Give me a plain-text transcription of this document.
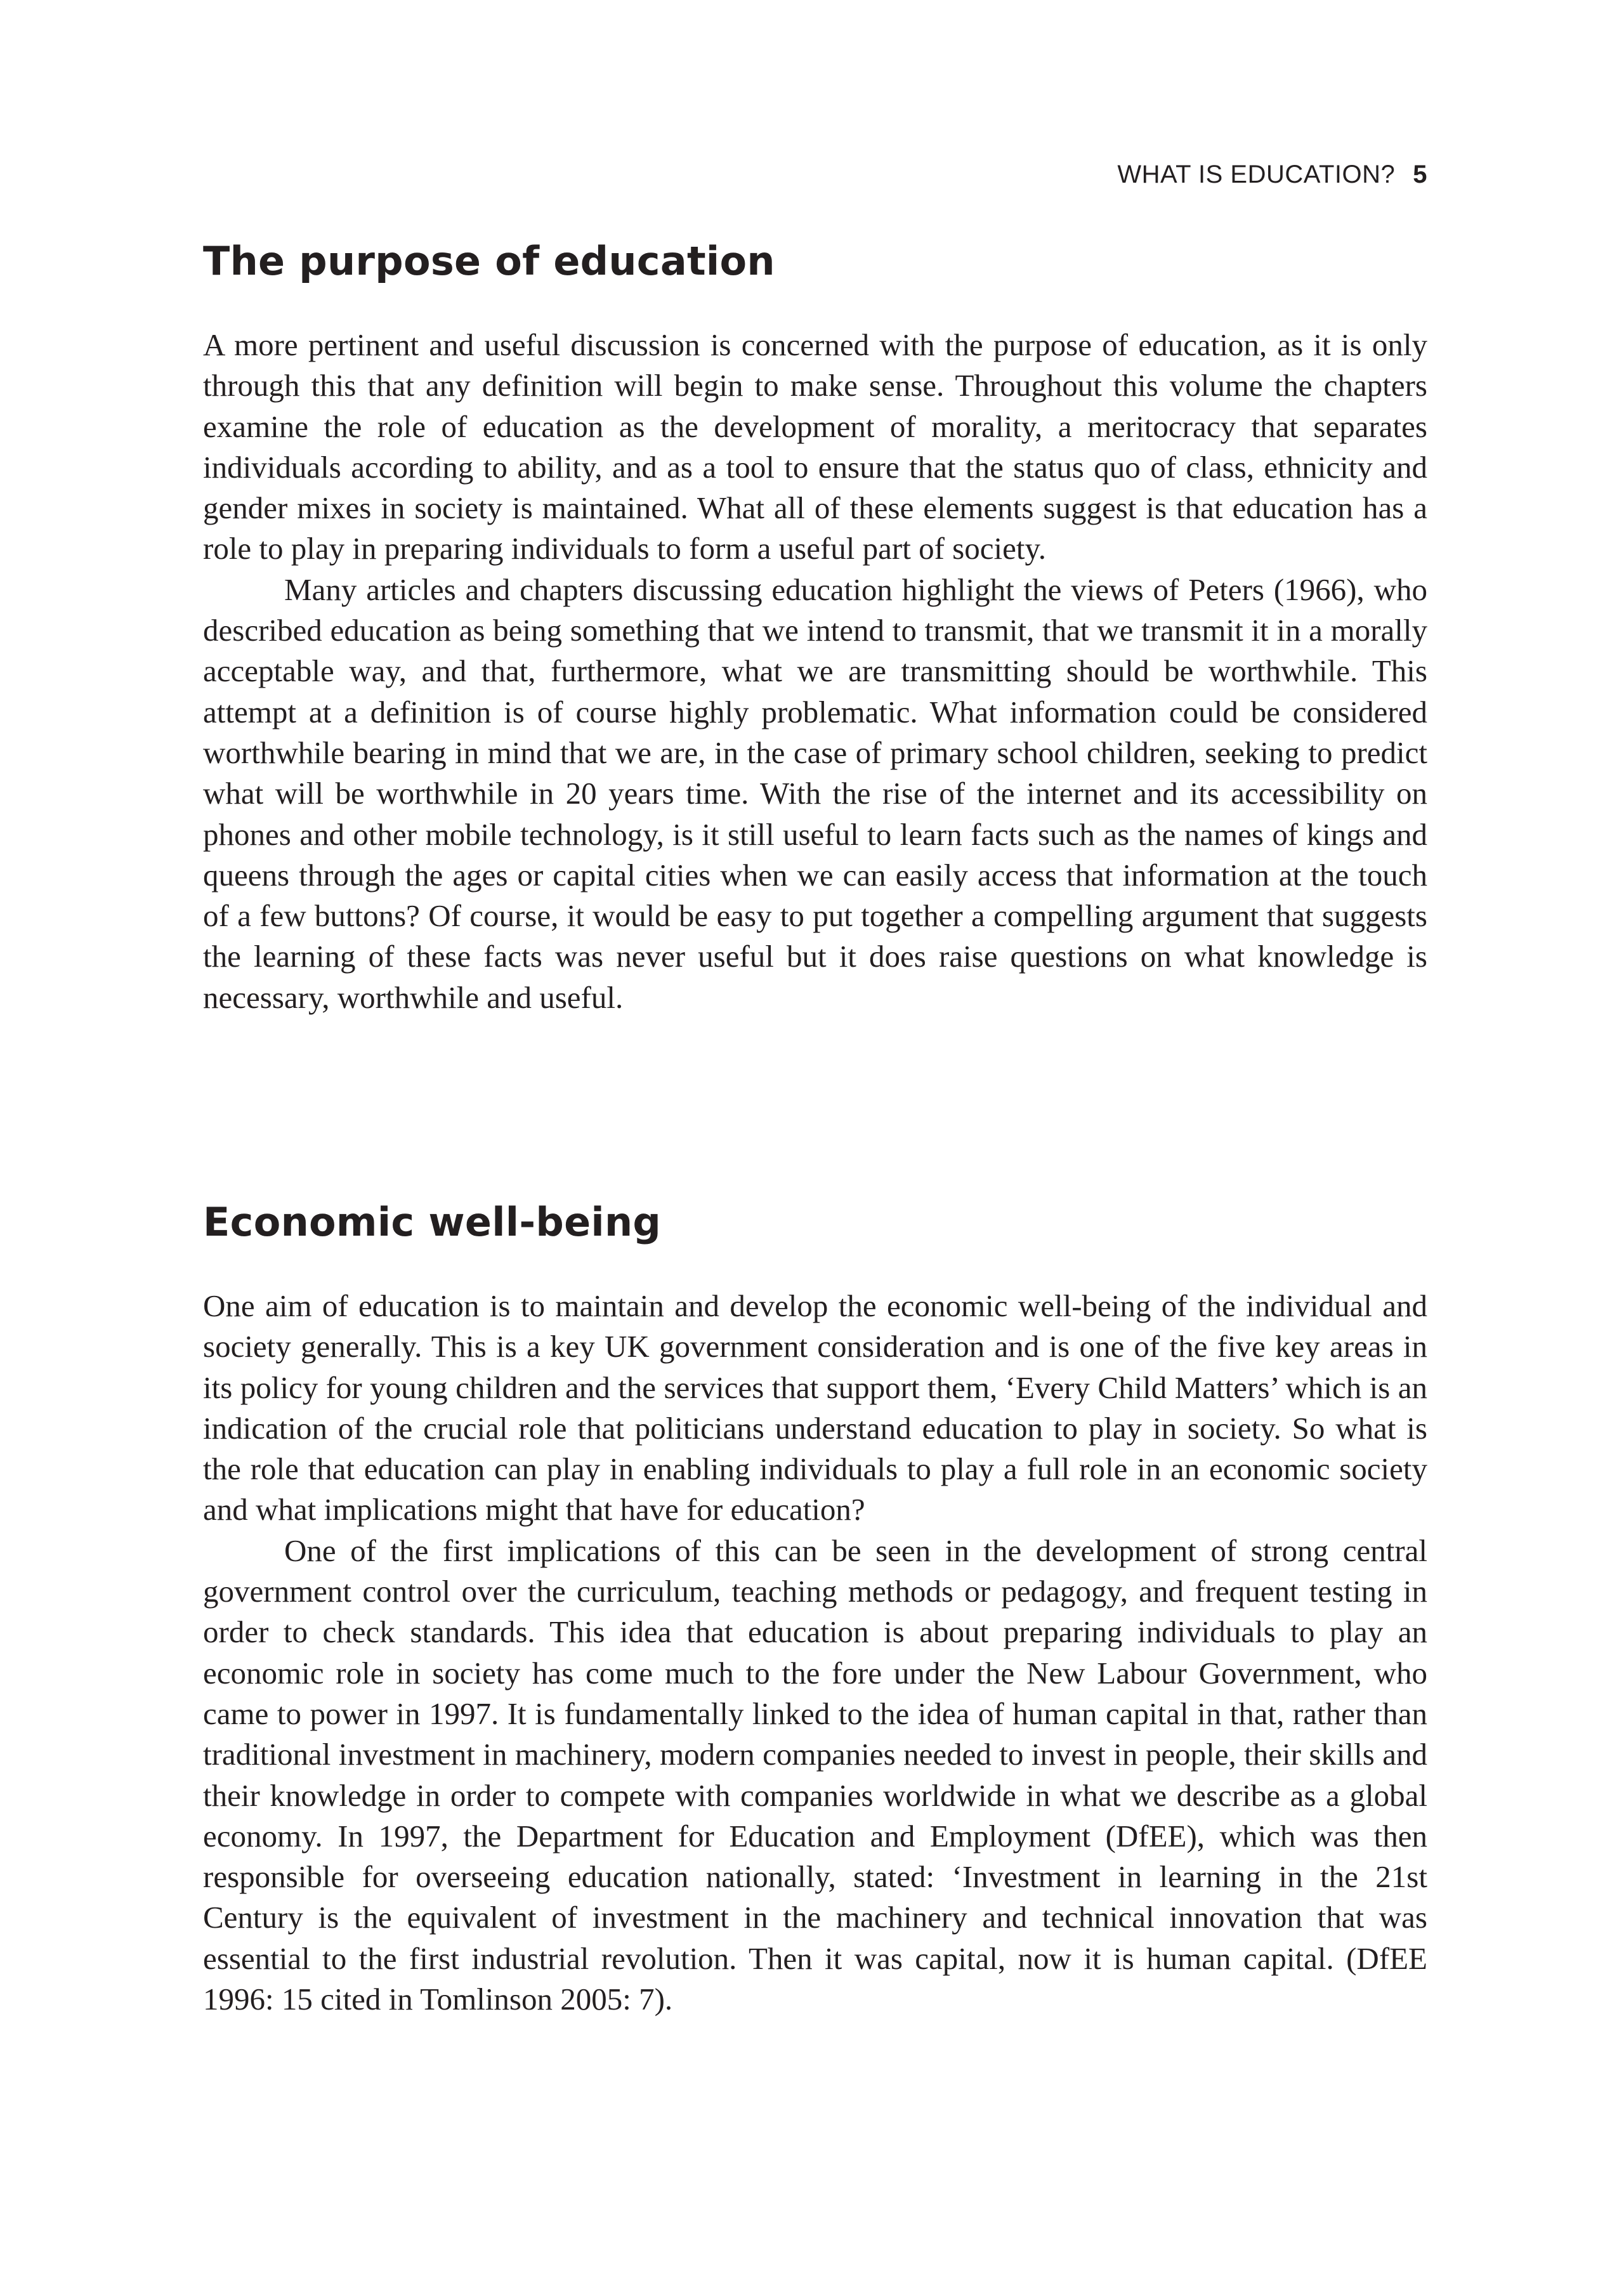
WHAT IS EDUCATION? 5
The purpose of education

A more pertinent and useful discussion is concerned with the purpose of education, as it is only through this that any definition will begin to make sense. Throughout this volume the chapters examine the role of education as the development of morality, a meritocracy that separates individuals according to ability, and as a tool to ensure that the status quo of class, ethnicity and gender mixes in society is maintained. What all of these elements suggest is that education has a role to play in preparing individuals to form a useful part of society.

Many articles and chapters discussing education highlight the views of Peters (1966), who described education as being something that we intend to transmit, that we transmit it in a morally acceptable way, and that, furthermore, what we are transmitting should be worthwhile. This attempt at a definition is of course highly problematic. What information could be considered worthwhile bearing in mind that we are, in the case of primary school children, seeking to predict what will be worthwhile in 20 years time. With the rise of the internet and its accessibility on phones and other mobile technology, is it still useful to learn facts such as the names of kings and queens through the ages or capital cities when we can easily access that information at the touch of a few buttons? Of course, it would be easy to put together a compelling argument that suggests the learning of these facts was never useful but it does raise questions on what knowledge is necessary, worthwhile and useful.

Economic well-being

One aim of education is to maintain and develop the economic well-being of the individual and society generally. This is a key UK government consideration and is one of the five key areas in its policy for young children and the services that support them, ‘Every Child Matters’ which is an indication of the crucial role that politicians understand education to play in society. So what is the role that education can play in enabling individuals to play a full role in an economic society and what implications might that have for education?

One of the first implications of this can be seen in the development of strong central government control over the curriculum, teaching methods or pedagogy, and frequent testing in order to check standards. This idea that education is about preparing individuals to play an economic role in society has come much to the fore under the New Labour Government, who came to power in 1997. It is fundamentally linked to the idea of human capital in that, rather than traditional investment in machinery, modern companies needed to invest in people, their skills and their knowledge in order to compete with companies worldwide in what we describe as a global economy. In 1997, the Department for Education and Employment (DfEE), which was then responsible for overseeing education nationally, stated: ‘Investment in learning in the 21st Century is the equivalent of investment in the machinery and technical innovation that was essential to the first industrial revolution. Then it was capital, now it is human capital. (DfEE 1996: 15 cited in Tomlinson 2005: 7).
